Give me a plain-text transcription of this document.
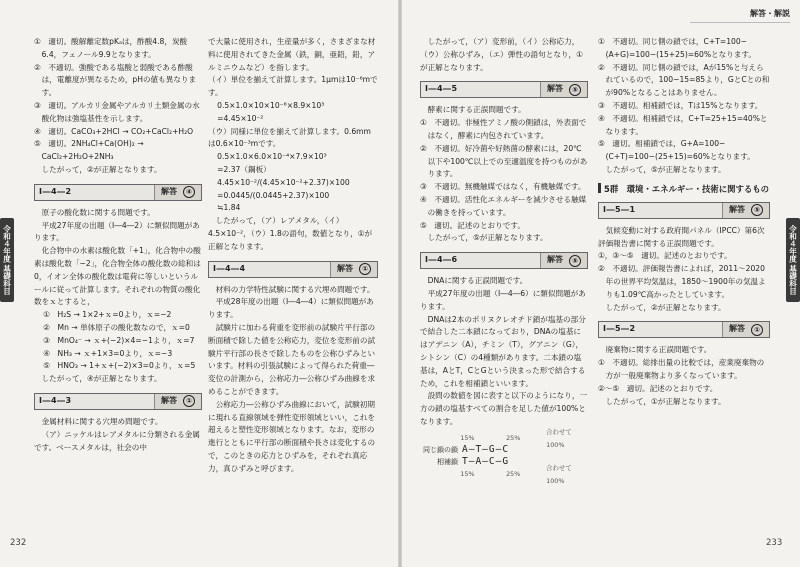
解答・解説
令和４年度 基礎科目	令和４年度 基礎科目

①　適切。酸解離定数pKₐは，酢酸4.8，炭酸6.4，フェノール9.9となります。

②　不適切。強酸である塩酸と弱酸である酢酸は，電離度が異なるため，pHの値も異なります。

③　適切。アルカリ金属やアルカリ土類金属の水酸化物は強塩基性を示します。

④　適切。CaCO₃+2HCl → CO₂+CaCl₂+H₂O

⑤　適切。2NH₄Cl+Ca(OH)₂ → CaCl₂+2H₂O+2NH₃

したがって，②が正解となります。

Ⅰ―4―2	解答	④

原子の酸化数に関する問題です。

平成27年度の出題（Ⅰ―4―2）に類似問題があります。

化合物中の水素は酸化数「+1」，化合物中の酸素は酸化数「−2」，化合物全体の酸化数の総和は0，イオン全体の酸化数は電荷に等しいというルールに従って計算します。それぞれの物質の酸化数をｘとすると，

①　H₂S → 1×2+ｘ=0より，ｘ=−2

②　Mn → 単体原子の酸化数なので，ｘ=0

③　MnO₄⁻ → ｘ+(−2)×4=−1より，ｘ=7

④　NH₃ → ｘ+1×3=0より，ｘ=−3

⑤　HNO₃ → 1+ｘ+(−2)×3=0より，ｘ=5

したがって，④が正解となります。

Ⅰ―4―3	解答	①

金属材料に関する穴埋め問題です。

（ア）ニッケルはレアメタルに分類される金属です。ベースメタルは，社会の中

で大量に使用され，生産量が多く，さまざまな材料に使用されてきた金属（鉄，銅，亜鉛，鉛，アルミニウムなど）を指します。

（イ）単位を揃えて計算します。1μmは10⁻⁶mです。

0.5×1.0×10×10⁻⁶×8.9×10³

=4.45×10⁻²

（ウ）同様に単位を揃えて計算します。0.6mmは0.6×10⁻³mです。

0.5×1.0×6.0×10⁻⁴×7.9×10³

=2.37（鋼板）

4.45×10⁻²/(4.45×10⁻²+2.37)×100

=0.0445/(0.0445+2.37)×100

≒1.84

したがって，（ア）レアメタル，（イ）4.5×10⁻²，（ウ）1.8の語句，数値となり，①が正解となります。

Ⅰ―4―4	解答	①

材料の力学特性試験に関する穴埋め問題です。

平成28年度の出題（Ⅰ―4―4）に類似問題があります。

試験片に加わる荷重を変形前の試験片平行部の断面積で除した値を公称応力，変位を変形前の試験片平行部の長さで除したものを公称ひずみといいます。材料の引張試験によって得られた荷重―変位の計測から，公称応力―公称ひずみ曲線を求めることができます。

公称応力―公称ひずみ曲線において，試験初期に現れる直線領域を弾性変形領域といい，これを超えると塑性変形領域となります。なお，変形の進行とともに平行部の断面積や長さは変化するので，このときの応力とひずみを，それぞれ真応力，真ひずみと呼びます。

したがって，（ア）変形前，（イ）公称応力，（ウ）公称ひずみ，（エ）弾性の語句となり，①が正解となります。

Ⅰ―4―5	解答	⑤

酵素に関する正誤問題です。

①　不適切。非極性アミノ酸の側鎖は，外表面ではなく，酵素に内包されています。

②　不適切。好冷菌や好熱菌の酵素には，20℃以下や100℃以上での至適温度を持つものがあります。

③　不適切。無機触媒ではなく，有機触媒です。

④　不適切。活性化エネルギーを減少させる触媒の働きを持っています。

⑤　適切。記述のとおりです。

したがって，⑤が正解となります。

Ⅰ―4―6	解答	⑤

DNAに関する正誤問題です。

平成27年度の出題（Ⅰ―4―6）に類似問題があります。

DNAは2本のポリヌクレオチド鎖が塩基の部分で結合した二本鎖になっており，DNAの塩基にはアデニン（A），チミン（T），グアニン（G），シトシン（C）の4種類があります。二本鎖の塩基は，AとT，CとGという決まった形で結合するため，これを相補鎖といいます。

設問の数値を図に表すと以下のようになり，一方の鎖の塩基すべての割合を足した値が100%となります。

15%	25%
合わせて100%
同じ鎖の鎖 A―T―G―C
相補鎖 T―A―C―G
15%	25%
合わせて100%

①　不適切。同じ側の鎖では，C+T=100−(A+G)=100−(15+25)=60%となります。

②　不適切。同じ側の鎖では，Aが15%と与えられているので，100−15=85より，GとCとの和が90%となることはありません。

③　不適切。相補鎖では，Tは15%となります。

④　不適切。相補鎖では，C+T=25+15=40%となります。

⑤　適切。相補鎖では，G+A=100−(C+T)=100−(25+15)=60%となります。

したがって，⑤が正解となります。

5群　環境・エネルギー・技術に関するもの
Ⅰ―5―1	解答	⑤

気候変動に対する政府間パネル（IPCC）第6次評価報告書に関する正誤問題です。

①，③〜⑤　適切。記述のとおりです。

②　不適切。評価報告書によれば，2011〜2020年の世界平均気温は，1850〜1900年の気温よりも1.09℃高かったとしています。

したがって，②が正解となります。

Ⅰ―5―2	解答	①

廃棄物に関する正誤問題です。

①　不適切。総排出量の比較では，産業廃棄物の方が一般廃棄物より多くなっています。

②〜⑤　適切。記述のとおりです。

したがって，①が正解となります。

232	233
